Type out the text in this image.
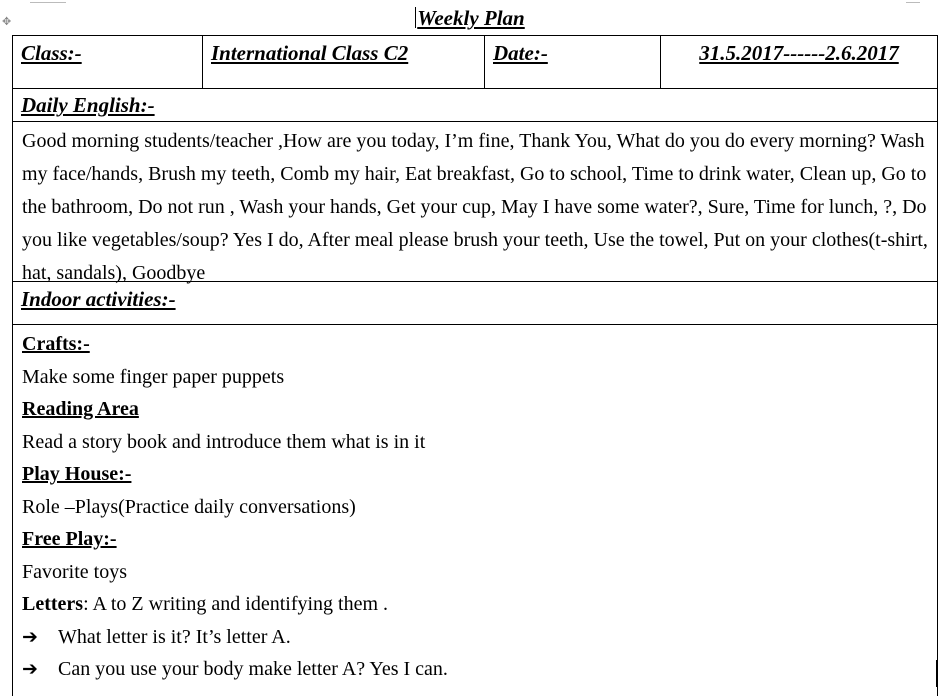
✥	Weekly Plan
Class:-	International Class C2	Date:-	31.5.2017------2.6.2017
Daily English:-
Good morning students/teacher ,How are you today, I’m fine, Thank You, What do you do every morning? Wash my face/hands, Brush my teeth, Comb my hair, Eat breakfast, Go to school, Time to drink water, Clean up, Go to the bathroom, Do not run , Wash your hands, Get your cup, May I have some water?, Sure, Time for lunch, ?, Do you like vegetables/soup? Yes I do, After meal please brush your teeth, Use the towel, Put on your clothes(t-shirt, hat, sandals), Goodbye
Indoor activities:-
Crafts:-
Make some finger paper puppets
Reading Area
Read a story book and introduce them what is in it
Play House:-
Role –Plays(Practice daily conversations)
Free Play:-
Favorite toys
Letters: A to Z writing and identifying them .
➔ What letter is it? It’s letter A.
➔ Can you use your body make letter A? Yes I can.
